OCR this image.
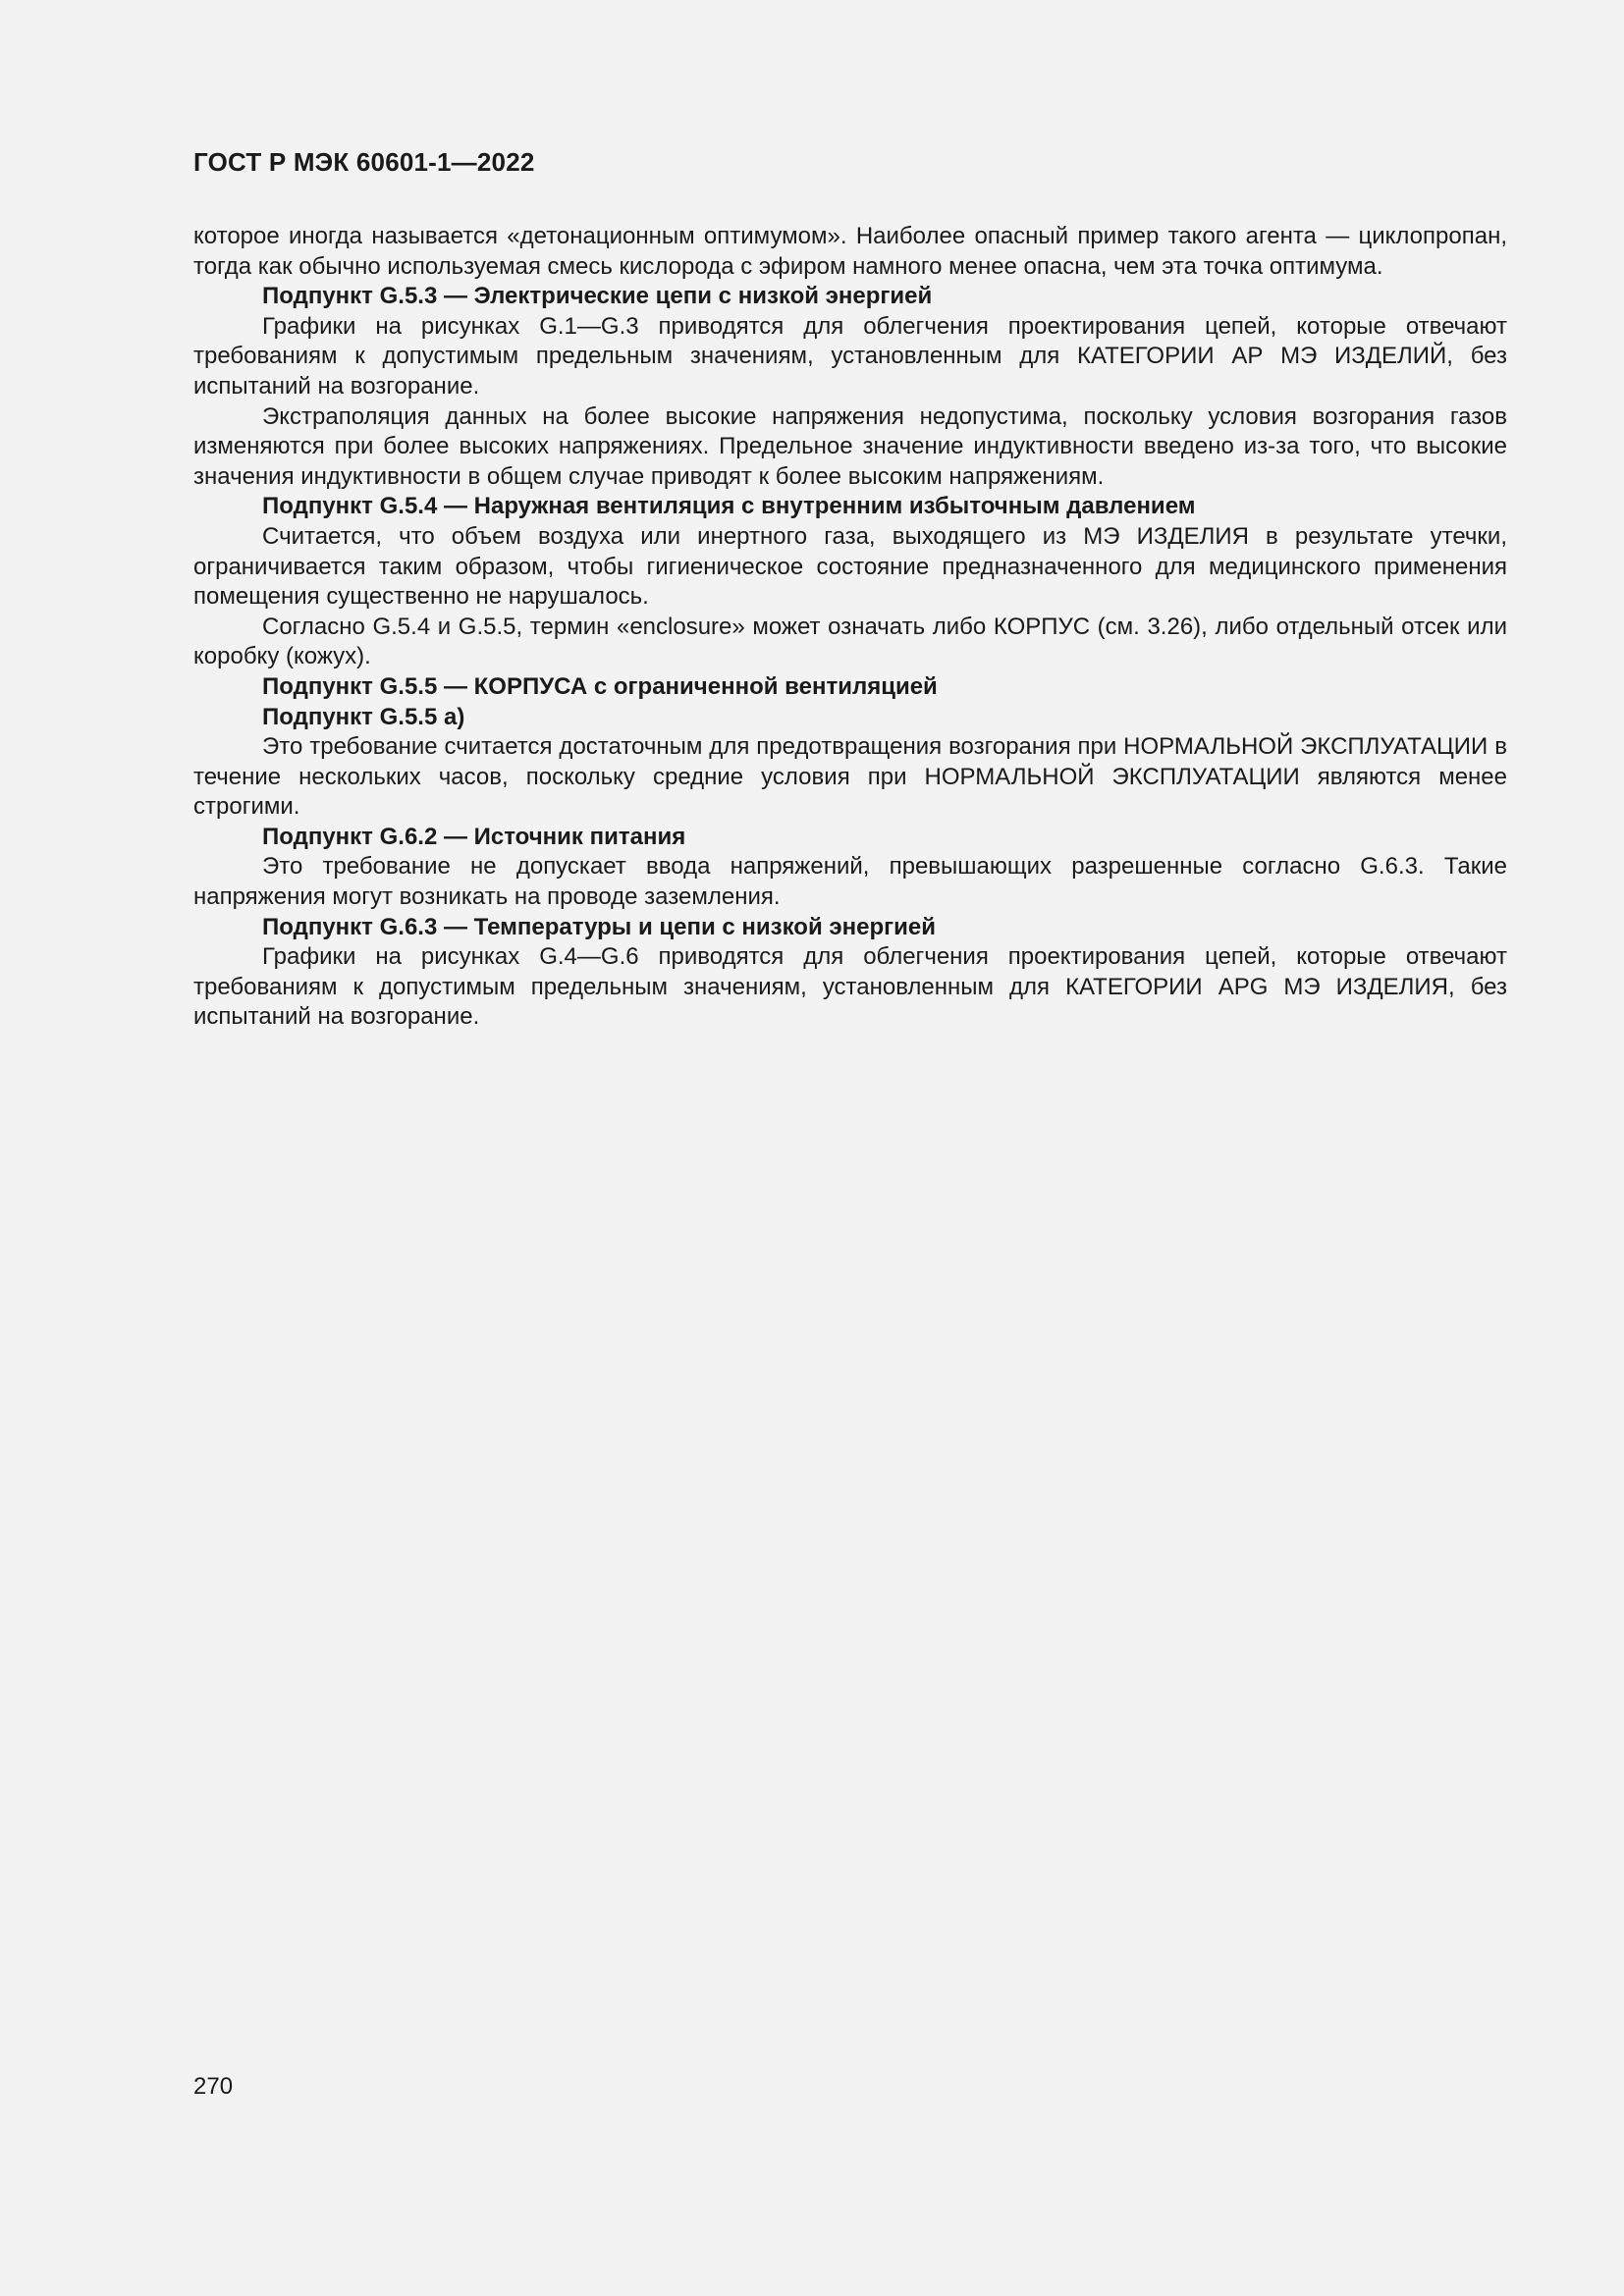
ГОСТ Р МЭК 60601-1—2022

которое иногда называется «детонационным оптимумом». Наиболее опасный пример такого агента — циклопропан, тогда как обычно используемая смесь кислорода с эфиром намного менее опасна, чем эта точка оптимума.

Подпункт G.5.3 — Электрические цепи с низкой энергией

Графики на рисунках G.1—G.3 приводятся для облегчения проектирования цепей, которые отвечают требованиям к допустимым предельным значениям, установленным для КАТЕГОРИИ АР МЭ ИЗДЕЛИЙ, без испытаний на возгорание.

Экстраполяция данных на более высокие напряжения недопустима, поскольку условия возгорания газов изменяются при более высоких напряжениях. Предельное значение индуктивности введено из-за того, что высокие значения индуктивности в общем случае приводят к более высоким напряжениям.

Подпункт G.5.4 — Наружная вентиляция с внутренним избыточным давлением

Считается, что объем воздуха или инертного газа, выходящего из МЭ ИЗДЕЛИЯ в результате утечки, ограничивается таким образом, чтобы гигиеническое состояние предназначенного для медицинского применения помещения существенно не нарушалось.

Согласно G.5.4 и G.5.5, термин «enclosure» может означать либо КОРПУС (см. 3.26), либо отдельный отсек или коробку (кожух).

Подпункт G.5.5 — КОРПУСА с ограниченной вентиляцией

Подпункт G.5.5 a)

Это требование считается достаточным для предотвращения возгорания при НОРМАЛЬНОЙ ЭКСПЛУАТАЦИИ в течение нескольких часов, поскольку средние условия при НОРМАЛЬНОЙ ЭКСПЛУАТАЦИИ являются менее строгими.

Подпункт G.6.2 — Источник питания

Это требование не допускает ввода напряжений, превышающих разрешенные согласно G.6.3. Такие напряжения могут возникать на проводе заземления.

Подпункт G.6.3 — Температуры и цепи с низкой энергией

Графики на рисунках G.4—G.6 приводятся для облегчения проектирования цепей, которые отвечают требованиям к допустимым предельным значениям, установленным для КАТЕГОРИИ APG МЭ ИЗДЕЛИЯ, без испытаний на возгорание.

270
